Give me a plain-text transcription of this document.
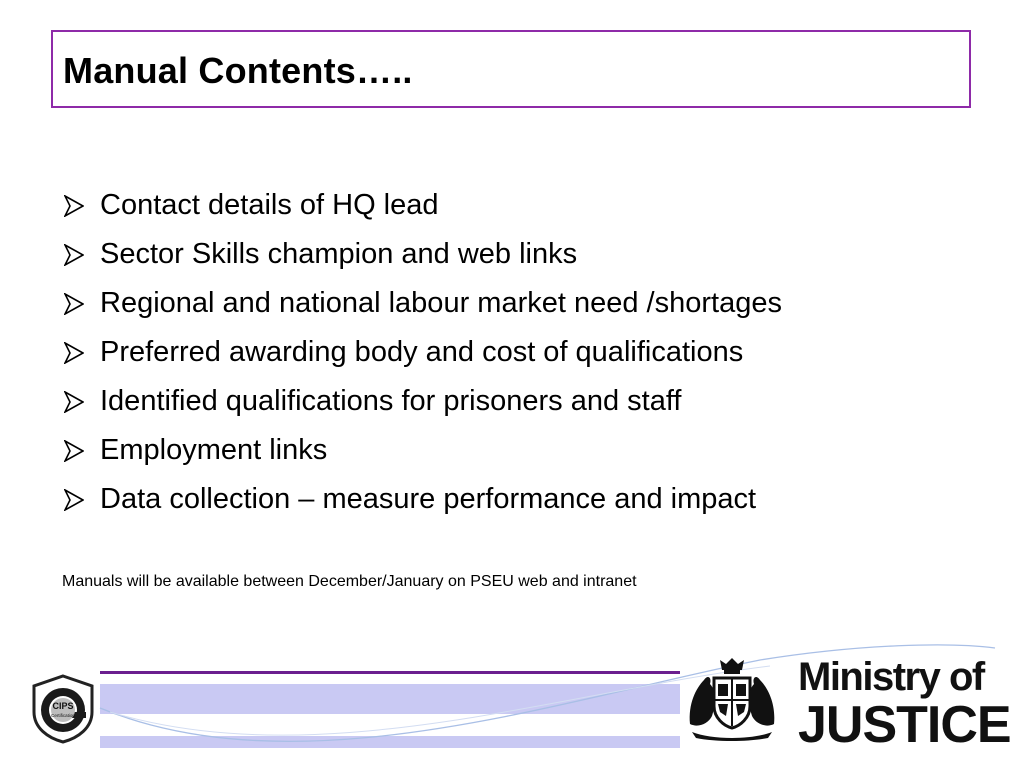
Manual Contents…..
Contact details of HQ lead
Sector Skills champion and web links
Regional and national labour market need /shortages
Preferred awarding body and cost of qualifications
Identified qualifications for prisoners and staff
Employment links
Data collection – measure performance and impact
Manuals will be available between December/January on PSEU web and intranet
CIPS
Certification
Ministry of
JUSTICE
